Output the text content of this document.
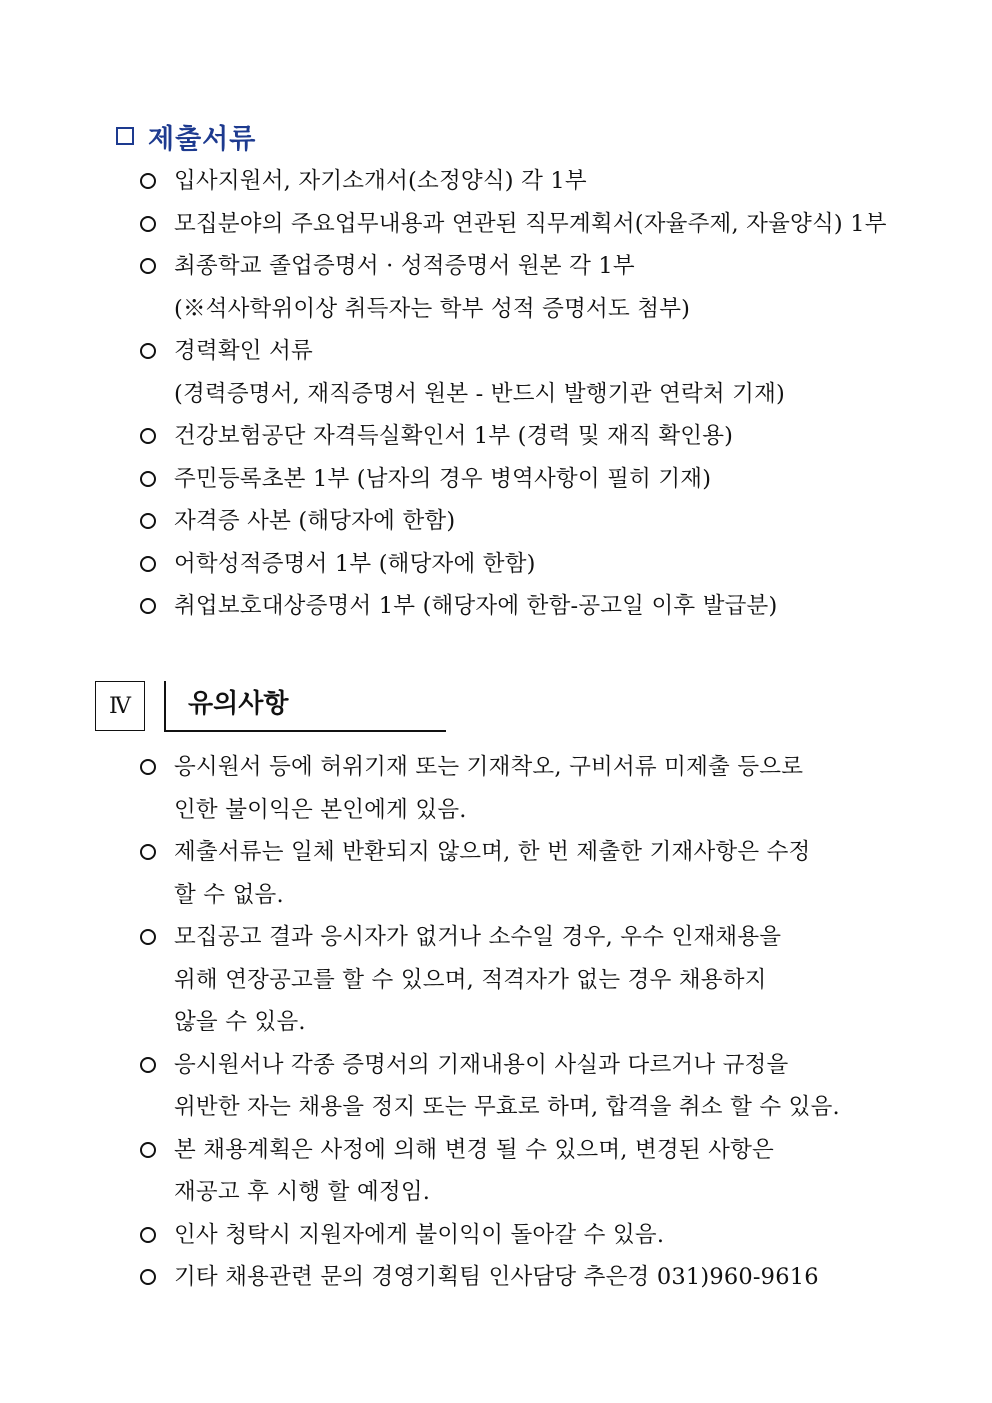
제출서류
입사지원서, 자기소개서(소정양식) 각 1부
모집분야의 주요업무내용과 연관된 직무계획서(자율주제, 자율양식) 1부
최종학교 졸업증명서 · 성적증명서 원본 각 1부
(※석사학위이상 취득자는 학부 성적 증명서도 첨부)
경력확인 서류
(경력증명서, 재직증명서 원본 - 반드시 발행기관 연락처 기재)
건강보험공단 자격득실확인서 1부 (경력 및 재직 확인용)
주민등록초본 1부 (남자의 경우 병역사항이 필히 기재)
자격증 사본 (해당자에 한함)
어학성적증명서 1부 (해당자에 한함)
취업보호대상증명서 1부 (해당자에 한함-공고일 이후 발급분)
Ⅳ 유의사항
응시원서 등에 허위기재 또는 기재착오, 구비서류 미제출 등으로
인한 불이익은 본인에게 있음.
제출서류는 일체 반환되지 않으며, 한 번 제출한 기재사항은 수정
할 수 없음.
모집공고 결과 응시자가 없거나 소수일 경우, 우수 인재채용을
위해 연장공고를 할 수 있으며, 적격자가 없는 경우 채용하지
않을 수 있음.
응시원서나 각종 증명서의 기재내용이 사실과 다르거나 규정을
위반한 자는 채용을 정지 또는 무효로 하며, 합격을 취소 할 수 있음.
본 채용계획은 사정에 의해 변경 될 수 있으며, 변경된 사항은
재공고 후 시행 할 예정임.
인사 청탁시 지원자에게 불이익이 돌아갈 수 있음.
기타 채용관련 문의 경영기획팀 인사담당 추은경 031)960-9616
